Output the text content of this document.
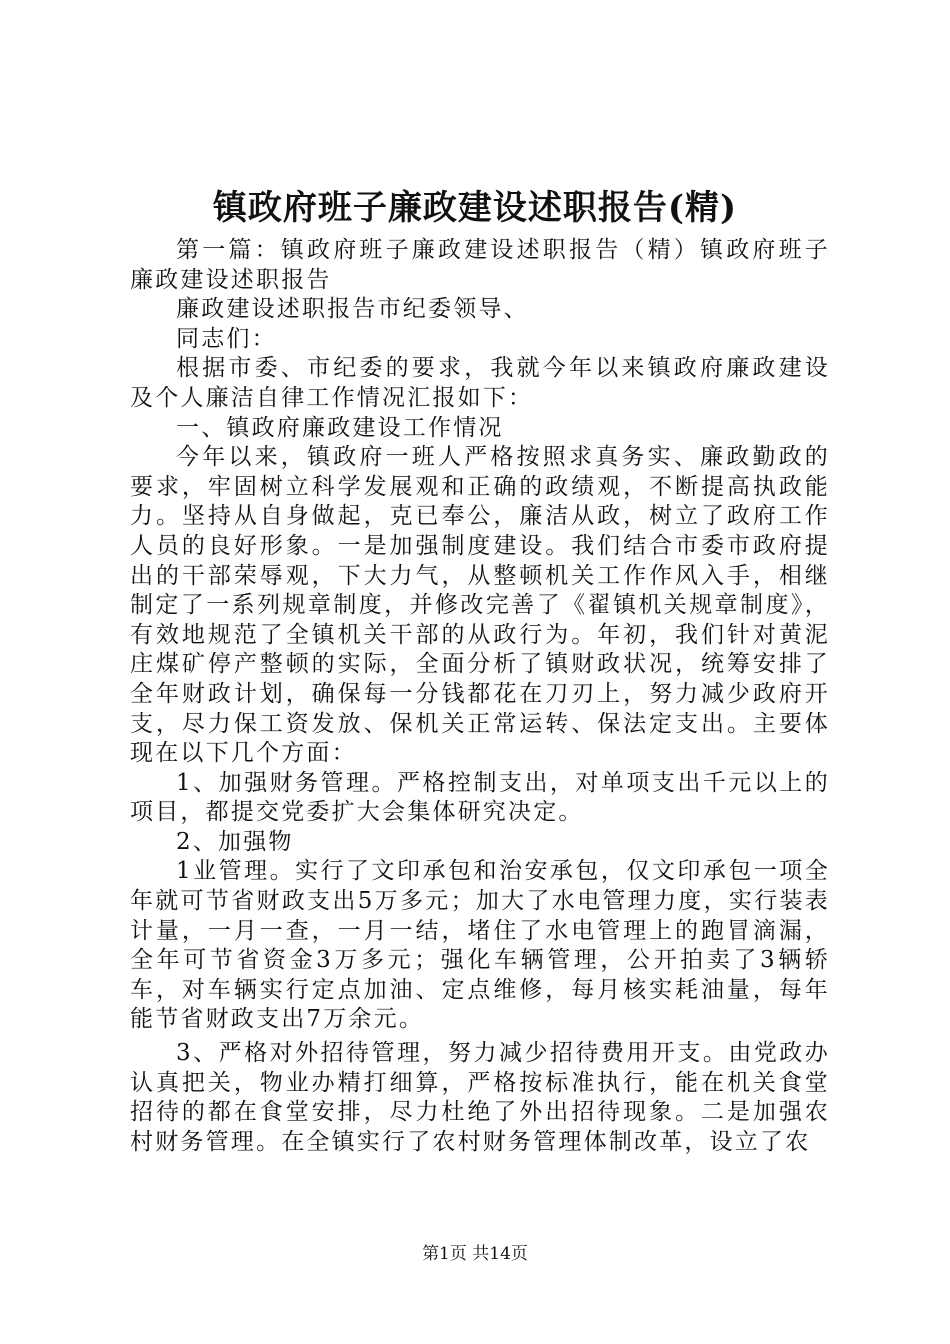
镇政府班子廉政建设述职报告(精)

第一篇：镇政府班子廉政建设述职报告（精）镇政府班子廉政建设述职报告

廉政建设述职报告市纪委领导、

同志们：

根据市委、市纪委的要求，我就今年以来镇政府廉政建设及个人廉洁自律工作情况汇报如下：

一、镇政府廉政建设工作情况

今年以来，镇政府一班人严格按照求真务实、廉政勤政的要求，牢固树立科学发展观和正确的政绩观，不断提高执政能力。坚持从自身做起，克已奉公，廉洁从政，树立了政府工作人员的良好形象。一是加强制度建设。我们结合市委市政府提出的干部荣辱观，下大力气，从整顿机关工作作风入手，相继制定了一系列规章制度，并修改完善了《翟镇机关规章制度》，有效地规范了全镇机关干部的从政行为。年初，我们针对黄泥庄煤矿停产整顿的实际，全面分析了镇财政状况，统筹安排了全年财政计划，确保每一分钱都花在刀刃上，努力减少政府开支，尽力保工资发放、保机关正常运转、保法定支出。主要体现在以下几个方面：

1、加强财务管理。严格控制支出，对单项支出千元以上的项目，都提交党委扩大会集体研究决定。

2、加强物

1业管理。实行了文印承包和治安承包，仅文印承包一项全年就可节省财政支出5万多元；加大了水电管理力度，实行装表计量，一月一查，一月一结，堵住了水电管理上的跑冒滴漏，全年可节省资金3万多元；强化车辆管理，公开拍卖了3辆轿车，对车辆实行定点加油、定点维修，每月核实耗油量，每年能节省财政支出7万余元。

3、严格对外招待管理，努力减少招待费用开支。由党政办认真把关，物业办精打细算，严格按标准执行，能在机关食堂招待的都在食堂安排，尽力杜绝了外出招待现象。二是加强农村财务管理。在全镇实行了农村财务管理体制改革，设立了农

第1页 共14页
